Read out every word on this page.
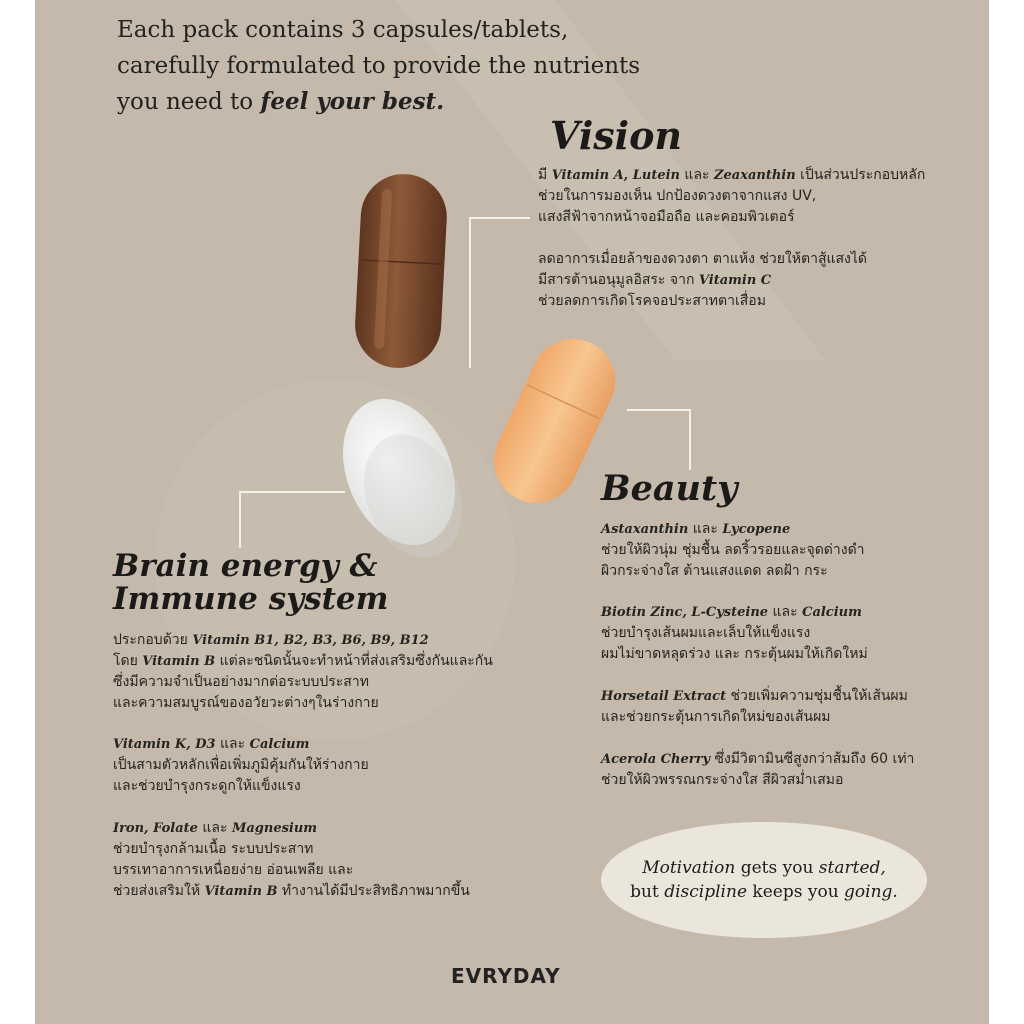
Each pack contains 3 capsules/tablets,
carefully formulated to provide the nutrients
you need to feel your best.
Vision

มี Vitamin A, Lutein และ Zeaxanthin เป็นส่วนประกอบหลัก

ช่วยในการมองเห็น ปกป้องดวงตาจากแสง UV,

แสงสีฟ้าจากหน้าจอมือถือ และคอมพิวเตอร์

ลดอาการเมื่อยล้าของดวงตา ตาแห้ง ช่วยให้ตาสู้แสงได้

มีสารต้านอนุมูลอิสระ จาก Vitamin C

ช่วยลดการเกิดโรคจอประสาทตาเสื่อม

Beauty

Astaxanthin และ Lycopene

ช่วยให้ผิวนุ่ม ชุ่มชื้น ลดริ้วรอยและจุดด่างดำ

ผิวกระจ่างใส ต้านแสงแดด ลดฝ้า กระ

Biotin Zinc, L-Cysteine และ Calcium

ช่วยบำรุงเส้นผมและเล็บให้แข็งแรง

ผมไม่ขาดหลุดร่วง และ กระตุ้นผมให้เกิดใหม่

Horsetail Extract ช่วยเพิ่มความชุ่มชื้นให้เส้นผม

และช่วยกระตุ้นการเกิดใหม่ของเส้นผม

Acerola Cherry ซึ่งมีวิตามินซีสูงกว่าส้มถึง 60 เท่า

ช่วยให้ผิวพรรณกระจ่างใส สีผิวสม่ำเสมอ

Brain energy &
Immune system

ประกอบด้วย Vitamin B1, B2, B3, B6, B9, B12

โดย Vitamin B แต่ละชนิดนั้นจะทำหน้าที่ส่งเสริมซึ่งกันและกัน

ซึ่งมีความจำเป็นอย่างมากต่อระบบประสาท

และความสมบูรณ์ของอวัยวะต่างๆในร่างกาย

Vitamin K, D3 และ Calcium

เป็นสามตัวหลักเพื่อเพิ่มภูมิคุ้มกันให้ร่างกาย

และช่วยบำรุงกระดูกให้แข็งแรง

Iron, Folate และ Magnesium

ช่วยบำรุงกล้ามเนื้อ ระบบประสาท

บรรเทาอาการเหนื่อยง่าย อ่อนเพลีย และ

ช่วยส่งเสริมให้ Vitamin B ทำงานได้มีประสิทธิภาพมากขึ้น

Motivation gets you started,
but discipline keeps you going.
EVRYDAY
